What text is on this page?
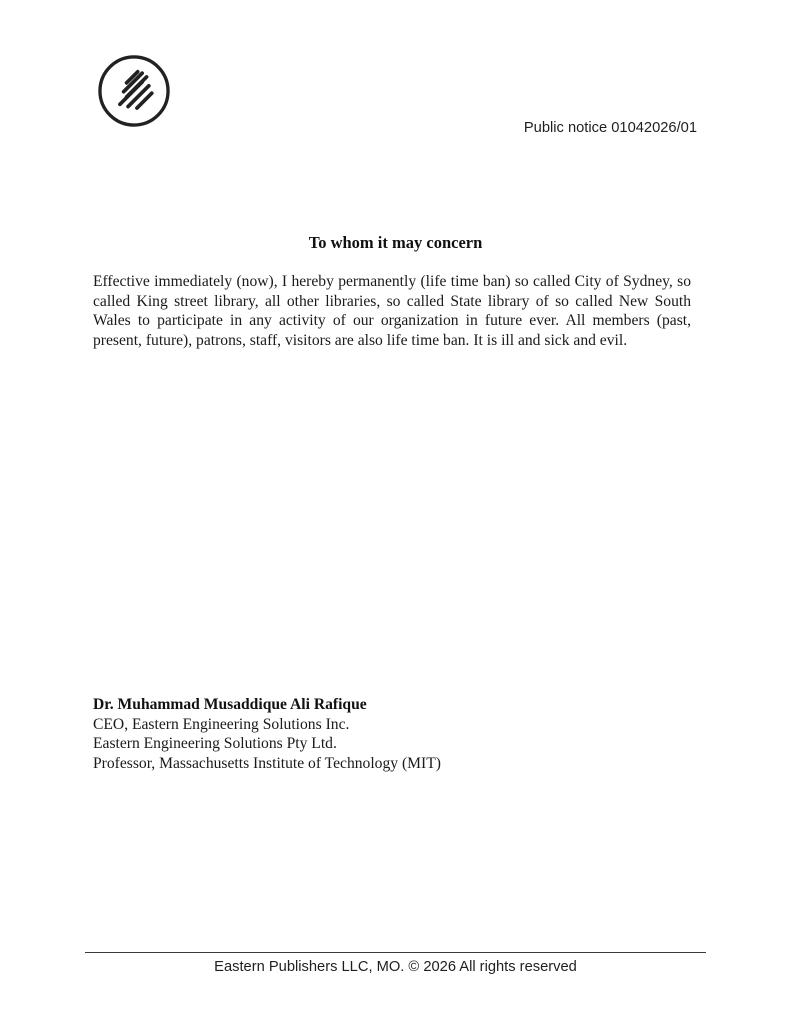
Public notice 01042026/01
To whom it may concern
Effective immediately (now), I hereby permanently (life time ban) so called City of Sydney, so called King street library, all other libraries, so called State library of so called New South Wales to participate in any activity of our organization in future ever. All members (past, present, future), patrons, staff, visitors are also life time ban. It is ill and sick and evil.
Dr. Muhammad Musaddique Ali Rafique
CEO, Eastern Engineering Solutions Inc.
Eastern Engineering Solutions Pty Ltd.
Professor, Massachusetts Institute of Technology (MIT)
Eastern Publishers LLC, MO. © 2026 All rights reserved
